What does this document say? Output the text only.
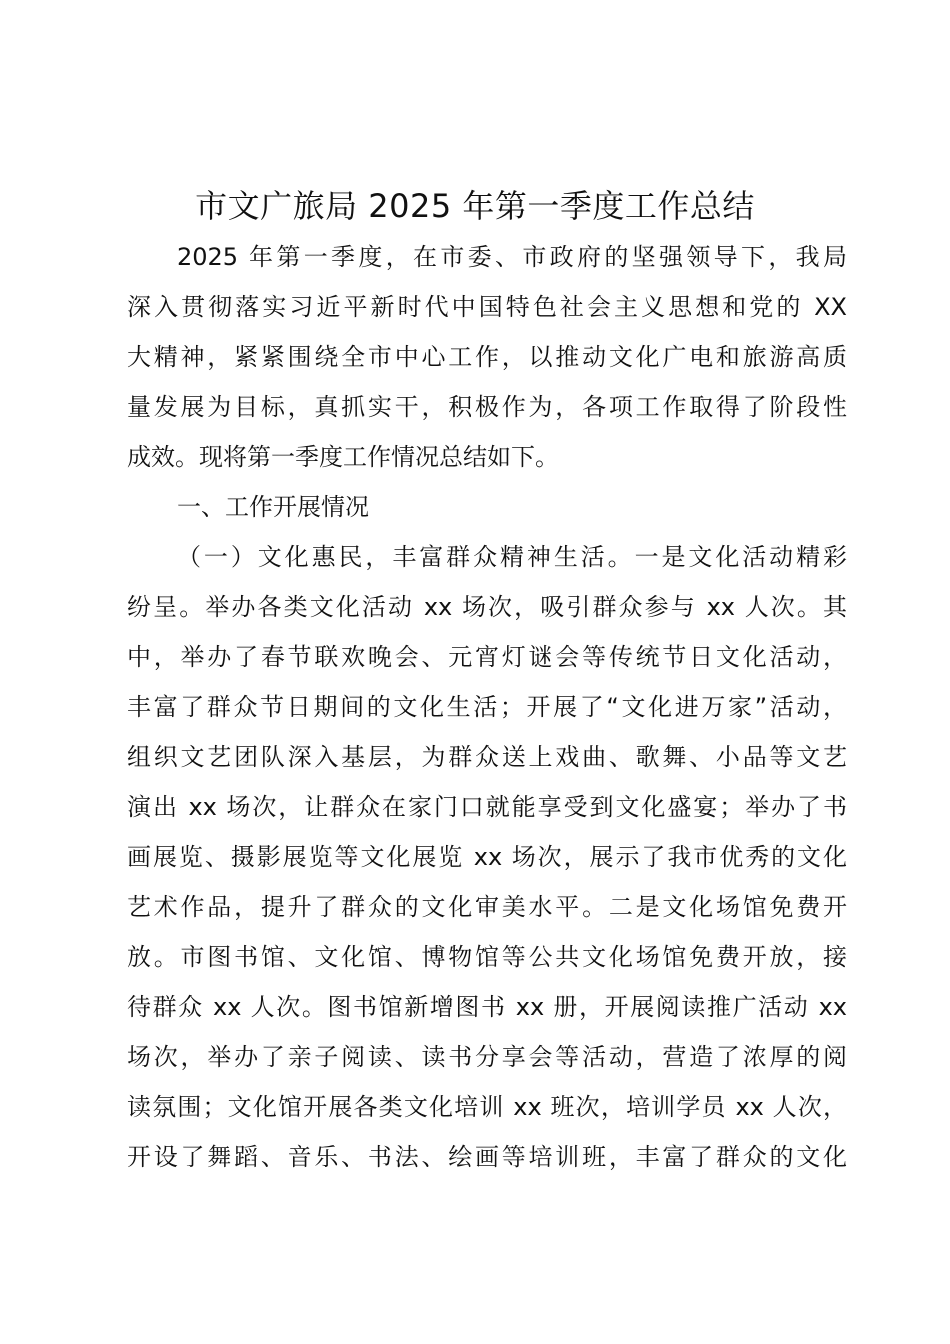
市文广旅局 2025 年第一季度工作总结
2025 年第一季度，在市委、市政府的坚强领导下，我局
深入贯彻落实习近平新时代中国特色社会主义思想和党的 XX
大精神，紧紧围绕全市中心工作，以推动文化广电和旅游高质
量发展为目标，真抓实干，积极作为，各项工作取得了阶段性
成效。现将第一季度工作情况总结如下。
一、工作开展情况
（一）文化惠民，丰富群众精神生活。一是文化活动精彩
纷呈。举办各类文化活动 xx 场次，吸引群众参与 xx 人次。其
中，举办了春节联欢晚会、元宵灯谜会等传统节日文化活动，
丰富了群众节日期间的文化生活；开展了“文化进万家”活动，
组织文艺团队深入基层，为群众送上戏曲、歌舞、小品等文艺
演出 xx 场次，让群众在家门口就能享受到文化盛宴；举办了书
画展览、摄影展览等文化展览 xx 场次，展示了我市优秀的文化
艺术作品，提升了群众的文化审美水平。二是文化场馆免费开
放。市图书馆、文化馆、博物馆等公共文化场馆免费开放，接
待群众 xx 人次。图书馆新增图书 xx 册，开展阅读推广活动 xx
场次，举办了亲子阅读、读书分享会等活动，营造了浓厚的阅
读氛围；文化馆开展各类文化培训 xx 班次，培训学员 xx 人次，
开设了舞蹈、音乐、书法、绘画等培训班，丰富了群众的文化
